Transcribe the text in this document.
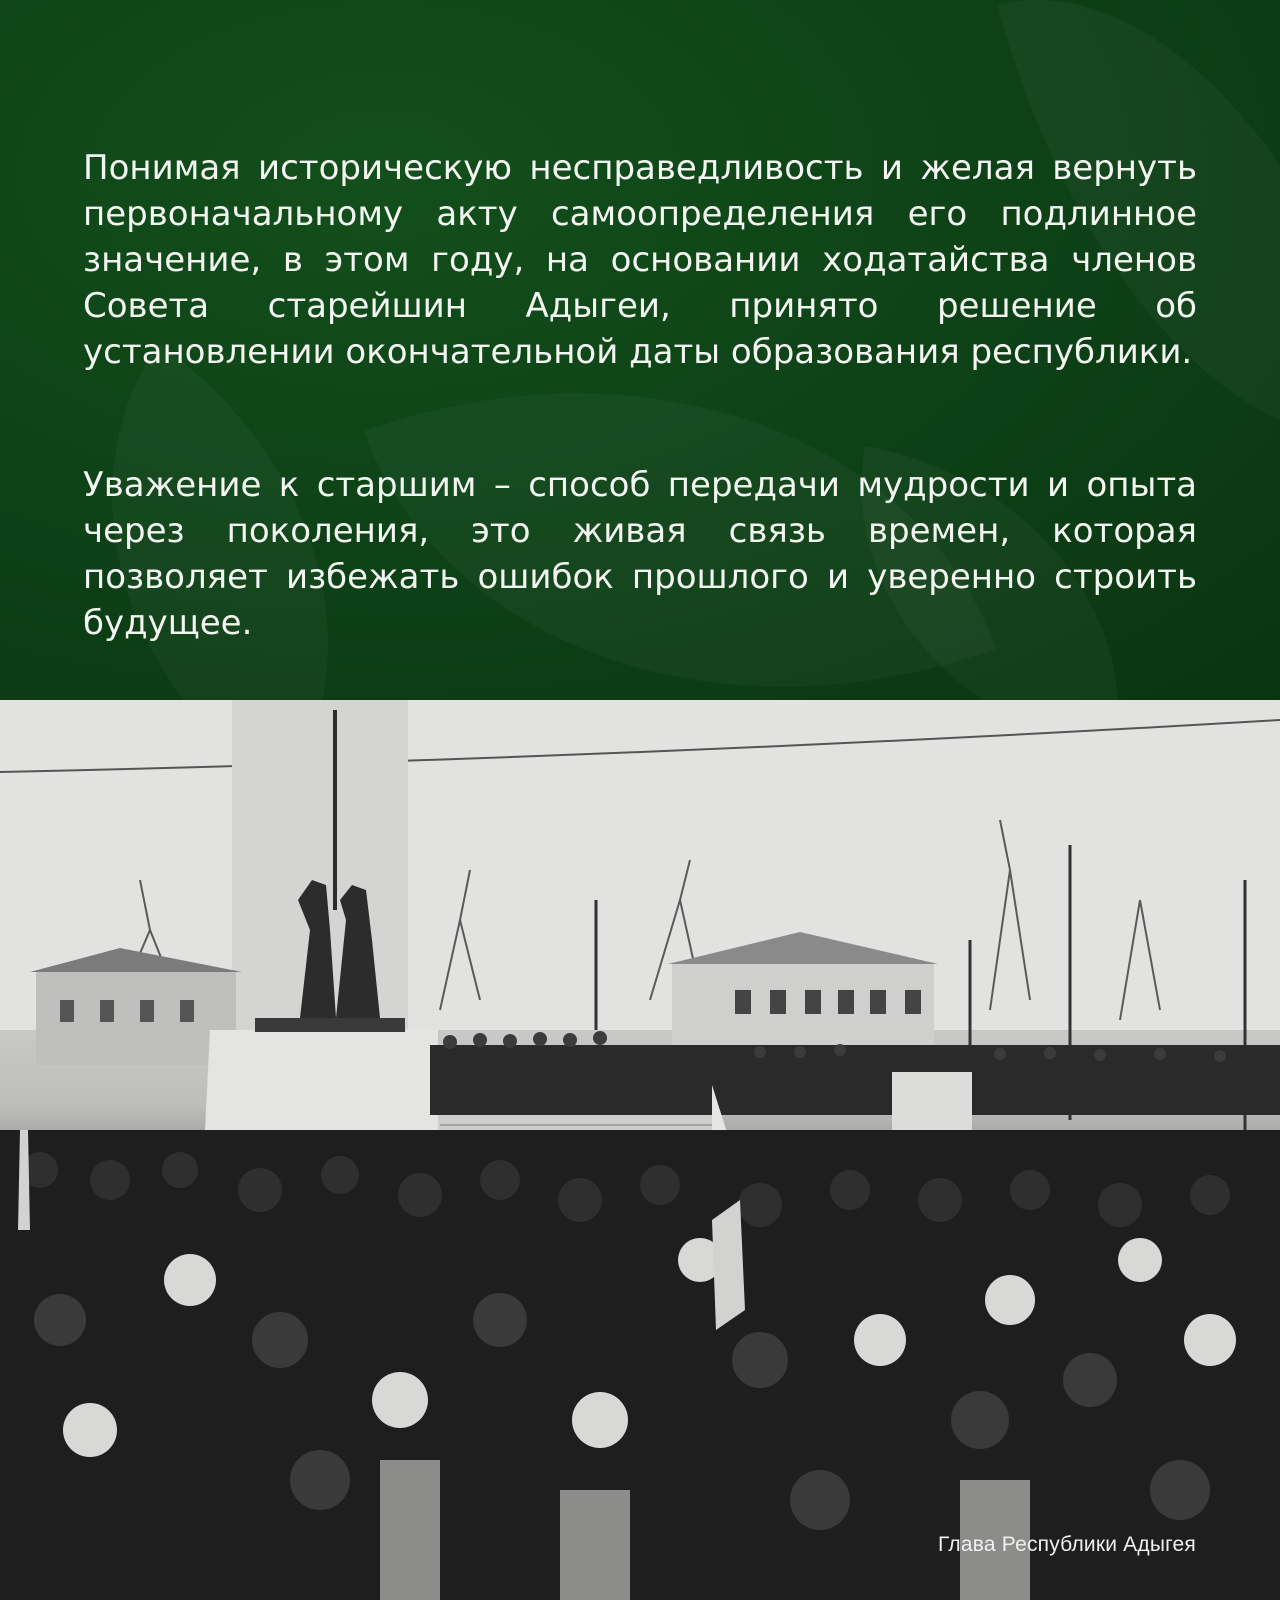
Понимая историческую несправедливость и желая вернуть первоначальному акту самоопределения его подлинное значение, в этом году, на основании ходатайства членов Совета старейшин Адыгеи, принято решение об установлении окончательной даты образования республики.

Уважение к старшим – способ передачи мудрости и опыта через поколения, это живая связь времен, которая позволяет избежать ошибок прошлого и уверенно строить будущее.

Глава Республики Адыгея
